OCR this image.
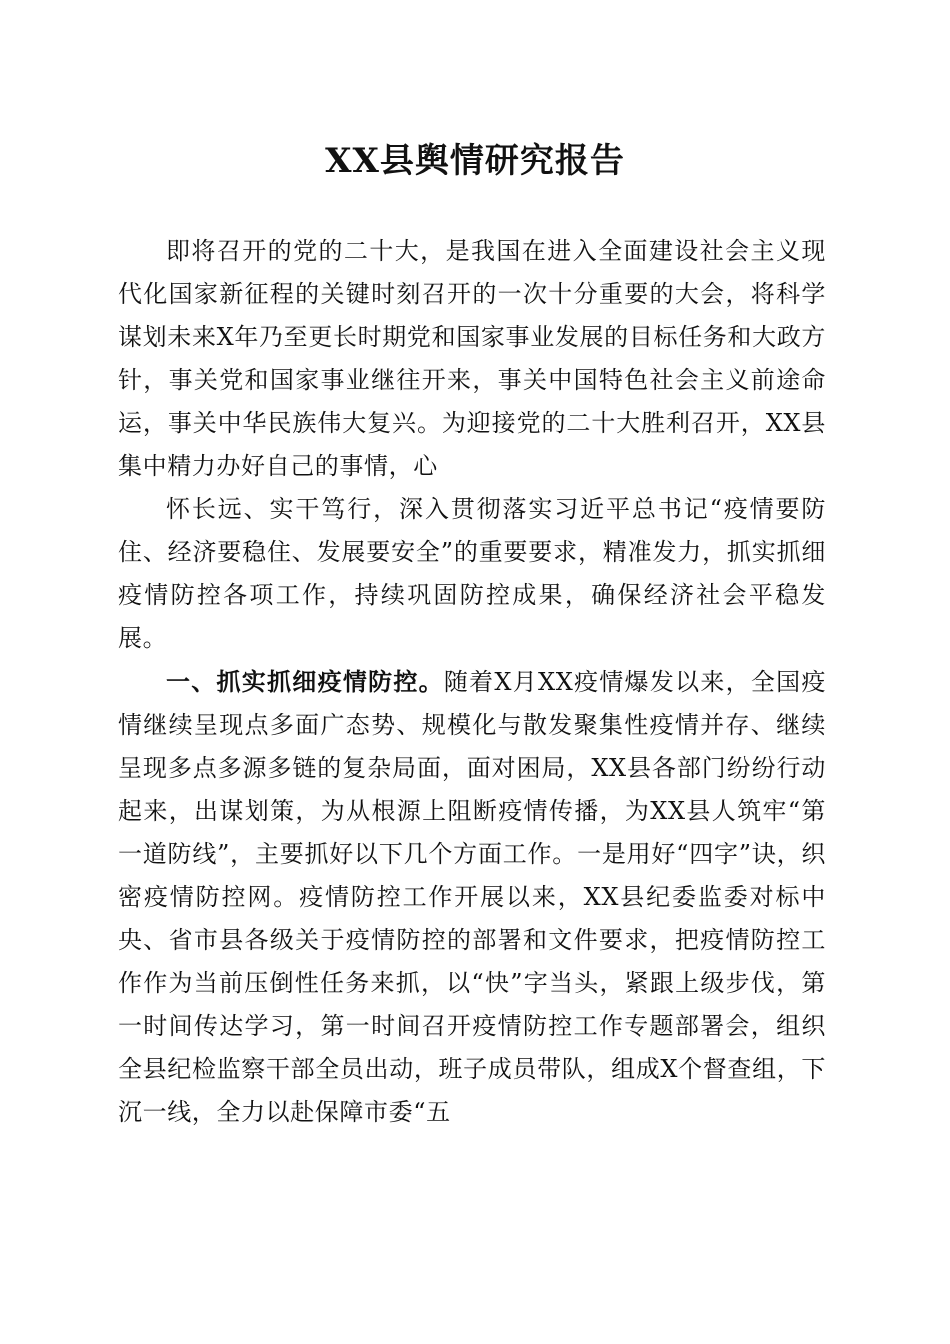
XX县舆情研究报告

即将召开的党的二十大，是我国在进入全面建设社会主义现代化国家新征程的关键时刻召开的一次十分重要的大会，将科学谋划未来X年乃至更长时期党和国家事业发展的目标任务和大政方针，事关党和国家事业继往开来，事关中国特色社会主义前途命运，事关中华民族伟大复兴。为迎接党的二十大胜利召开，XX县集中精力办好自己的事情，心

怀长远、实干笃行，深入贯彻落实习近平总书记“疫情要防住、经济要稳住、发展要安全”的重要要求，精准发力，抓实抓细疫情防控各项工作，持续巩固防控成果，确保经济社会平稳发展。

一、抓实抓细疫情防控。随着X月XX疫情爆发以来，全国疫情继续呈现点多面广态势、规模化与散发聚集性疫情并存、继续呈现多点多源多链的复杂局面，面对困局，XX县各部门纷纷行动起来，出谋划策，为从根源上阻断疫情传播，为XX县人筑牢“第一道防线”，主要抓好以下几个方面工作。一是用好“四字”诀，织密疫情防控网。疫情防控工作开展以来，XX县纪委监委对标中央、省市县各级关于疫情防控的部署和文件要求，把疫情防控工作作为当前压倒性任务来抓，以“快”字当头，紧跟上级步伐，第一时间传达学习，第一时间召开疫情防控工作专题部署会，组织全县纪检监察干部全员出动，班子成员带队，组成X个督查组，下沉一线，全力以赴保障市委“五
